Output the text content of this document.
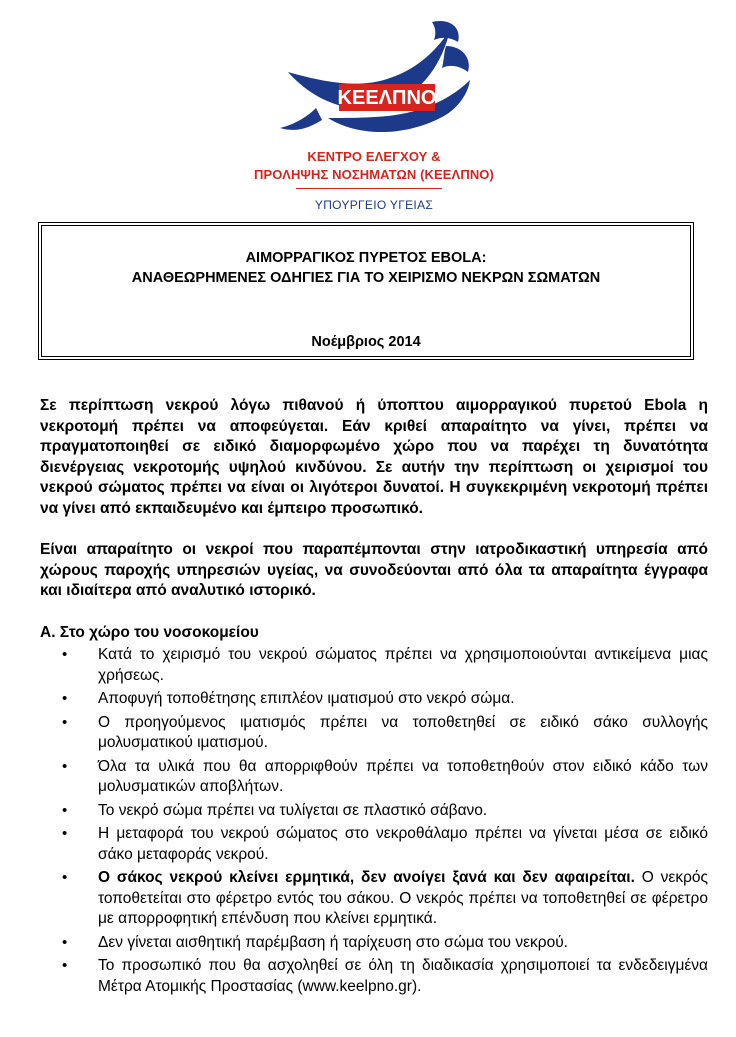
ΚΕΕΛΠΝΟ
ΚΕΝΤΡΟ ΕΛΕΓΧΟΥ &
ΠΡΟΛΗΨΗΣ ΝΟΣΗΜΑΤΩΝ (ΚΕΕΛΠΝΟ)
ΥΠΟΥΡΓΕΙΟ ΥΓΕΙΑΣ
ΑΙΜΟΡΡΑΓΙΚΟΣ ΠΥΡΕΤΟΣ EBOLA:
ΑΝΑΘΕΩΡΗΜΕΝΕΣ ΟΔΗΓΙΕΣ ΓΙΑ ΤΟ ΧΕΙΡΙΣΜΟ ΝΕΚΡΩΝ ΣΩΜΑΤΩΝ
Νοέμβριος 2014

Σε περίπτωση νεκρού λόγω πιθανού ή ύποπτου αιμορραγικού πυρετού Ebola η νεκροτομή πρέπει να αποφεύγεται. Εάν κριθεί απαραίτητο να γίνει, πρέπει να πραγματοποιηθεί σε ειδικό διαμορφωμένο χώρο που να παρέχει τη δυνατότητα διενέργειας νεκροτομής υψηλού κινδύνου. Σε αυτήν την περίπτωση οι χειρισμοί του νεκρού σώματος πρέπει να είναι οι λιγότεροι δυνατοί. Η συγκεκριμένη νεκροτομή πρέπει να γίνει από εκπαιδευμένο και έμπειρο προσωπικό.

Είναι απαραίτητο οι νεκροί που παραπέμπονται στην ιατροδικαστική υπηρεσία από χώρους παροχής υπηρεσιών υγείας, να συνοδεύονται από όλα τα απαραίτητα έγγραφα και ιδιαίτερα από αναλυτικό ιστορικό.

Α. Στο χώρο του νοσοκομείου
• Κατά το χειρισμό του νεκρού σώματος πρέπει να χρησιμοποιούνται αντικείμενα μιας χρήσεως.
• Αποφυγή τοποθέτησης επιπλέον ιματισμού στο νεκρό σώμα.
• Ο προηγούμενος ιματισμός πρέπει να τοποθετηθεί σε ειδικό σάκο συλλογής μολυσματικού ιματισμού.
• Όλα τα υλικά που θα απορριφθούν πρέπει να τοποθετηθούν στον ειδικό κάδο των μολυσματικών αποβλήτων.
• Το νεκρό σώμα πρέπει να τυλίγεται σε πλαστικό σάβανο.
• Η μεταφορά του νεκρού σώματος στο νεκροθάλαμο πρέπει να γίνεται μέσα σε ειδικό σάκο μεταφοράς νεκρού.
• Ο σάκος νεκρού κλείνει ερμητικά, δεν ανοίγει ξανά και δεν αφαιρείται. Ο νεκρός τοποθετείται στο φέρετρο εντός του σάκου. Ο νεκρός πρέπει να τοποθετηθεί σε φέρετρο με απορροφητική επένδυση που κλείνει ερμητικά.
• Δεν γίνεται αισθητική παρέμβαση ή ταρίχευση στο σώμα του νεκρού.
• Το προσωπικό που θα ασχοληθεί σε όλη τη διαδικασία χρησιμοποιεί τα ενδεδειγμένα Μέτρα Ατομικής Προστασίας (www.keelpno.gr).
